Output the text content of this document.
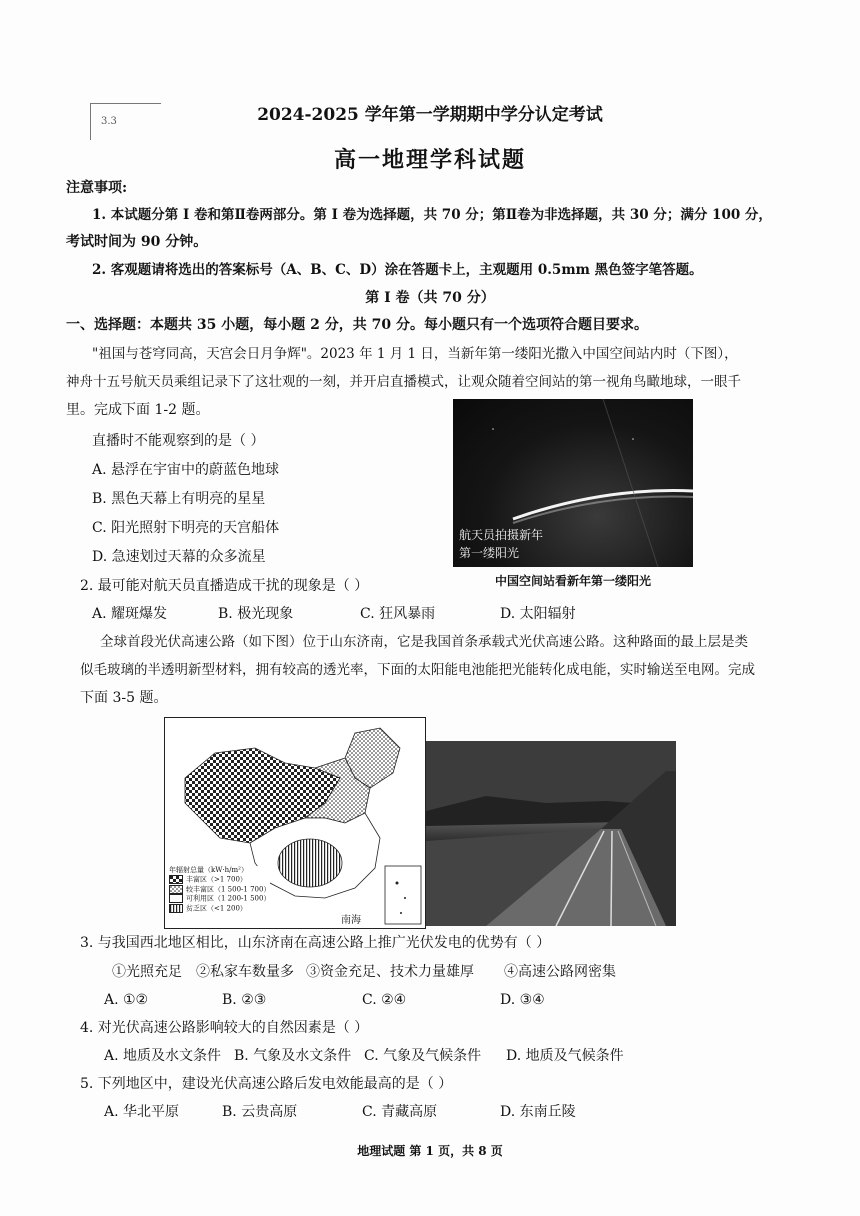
3.3	2024-2025 学年第一学期期中学分认定考试
高一地理学科试题
注意事项:
1. 本试题分第 I 卷和第Ⅱ卷两部分。第 I 卷为选择题，共 70 分；第Ⅱ卷为非选择题，共 30 分；满分 100 分，
考试时间为 90 分钟。
2. 客观题请将选出的答案标号（A、B、C、D）涂在答题卡上，主观题用 0.5mm 黑色签字笔答题。
第 I 卷（共 70 分）
一、选择题：本题共 35 小题，每小题 2 分，共 70 分。每小题只有一个选项符合题目要求。
"祖国与苍穹同高，天宫会日月争辉"。2023 年 1 月 1 日，当新年第一缕阳光撒入中国空间站内时（下图），
神舟十五号航天员乘组记录下了这壮观的一刻，并开启直播模式，让观众随着空间站的第一视角鸟瞰地球，一眼千
里。完成下面 1-2 题。
航天员拍摄新年
第一缕阳光
中国空间站看新年第一缕阳光
直播时不能观察到的是（ ）
A. 悬浮在宇宙中的蔚蓝色地球
B. 黑色天幕上有明亮的星星
C. 阳光照射下明亮的天宫船体
D. 急速划过天幕的众多流星
2. 最可能对航天员直播造成干扰的现象是（ ）
A. 耀斑爆发	B. 极光现象	C. 狂风暴雨	D. 太阳辐射
全球首段光伏高速公路（如下图）位于山东济南，它是我国首条承载式光伏高速公路。这种路面的最上层是类
似毛玻璃的半透明新型材料，拥有较高的透光率，下面的太阳能电池能把光能转化成电能，实时输送至电网。完成
下面 3-5 题。
年辐射总量（kW·h/m²）
丰富区（>1 700）
较丰富区（1 500-1 700）
可利用区（1 200-1 500）
贫乏区（<1 200）
南海
3. 与我国西北地区相比，山东济南在高速公路上推广光伏发电的优势有（ ）
①光照充足 ②私家车数量多 ③资金充足、技术力量雄厚 ④高速公路网密集
A. ①②	B. ②③	C. ②④	D. ③④
4. 对光伏高速公路影响较大的自然因素是（ ）
A. 地质及水文条件 B. 气象及水文条件 C. 气象及气候条件 D. 地质及气候条件
5. 下列地区中，建设光伏高速公路后发电效能最高的是（ ）
A. 华北平原	B. 云贵高原	C. 青藏高原	D. 东南丘陵
地理试题 第 1 页，共 8 页
